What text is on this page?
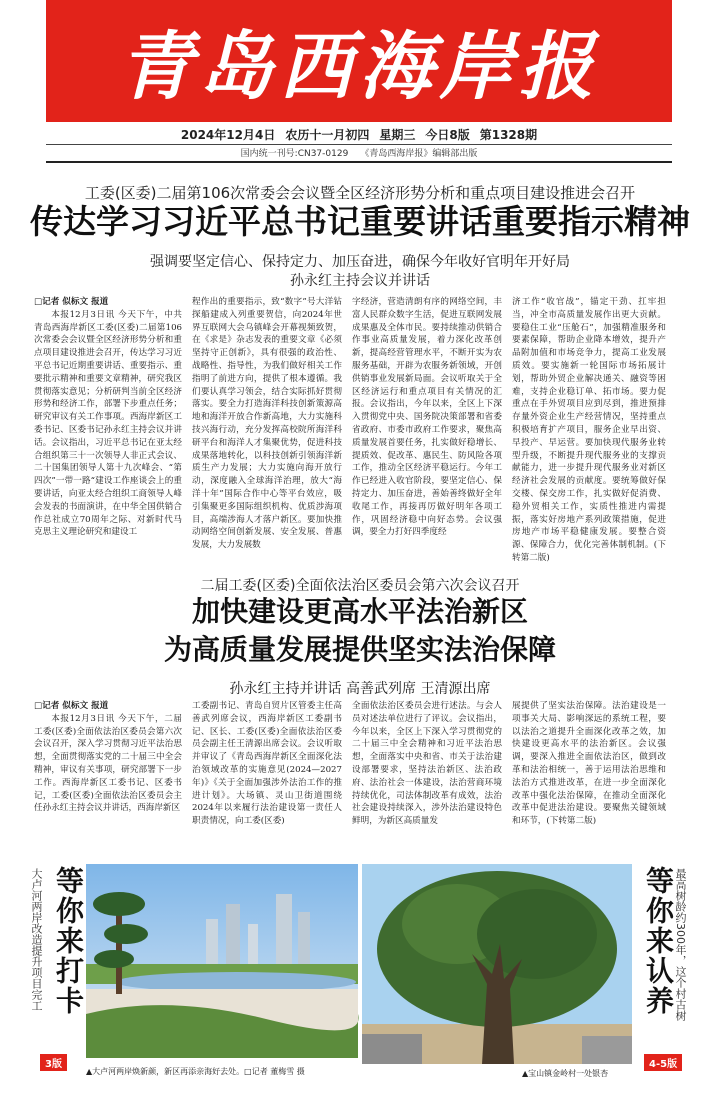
青岛西海岸报
2024年12月4日 农历十一月初四 星期三 今日8版 第1328期
国内统一刊号:CN37-0129 《青岛西海岸报》编辑部出版
工委(区委)二届第106次常委会会议暨全区经济形势分析和重点项目建设推进会召开
传达学习习近平总书记重要讲话重要指示精神
强调要坚定信心、保持定力、加压奋进，确保今年收好官明年开好局
孙永红主持会议并讲话

□记者 似标文 报道

本报12月3日讯 今天下午，中共青岛西海岸新区工委(区委)二届第106次常委会会议暨全区经济形势分析和重点项目建设推进会召开，传达学习习近平总书记近期重要讲话、重要指示、重要批示精神和重要文章精神，研究我区贯彻落实意见；分析研判当前全区经济形势和经济工作，部署下步重点任务；研究审议有关工作事项。西海岸新区工委书记、区委书记孙永红主持会议并讲话。会议指出，习近平总书记在亚太经合组织第三十一次领导人非正式会议、二十国集团领导人第十九次峰会、“第四次”一带一路“建设工作座谈会上的重要讲话，向亚太经合组织工商领导人峰会发表的书面演讲，在中华全国供销合作总社成立70周年之际、对新时代马克思主义理论研究和建设工

程作出的重要指示，致“数字”号大洋钻探船建成入列重要贺信，向2024年世界互联网大会乌镇峰会开幕视频致贺，在《求是》杂志发表的重要文章《必须坚持守正创新》，具有很强的政治性、战略性、指导性，为我们做好相关工作指明了前进方向，提供了根本遵循。我们要认真学习领会，结合实际抓好贯彻落实。要全力打造海洋科技创新策源高地和海洋开放合作新高地，大力实施科技兴海行动，充分发挥高校院所海洋科研平台和海洋人才集聚优势，促进科技成果落地转化，以科技创新引领海洋新质生产力发展；大力实施向海开放行动，深度融入全球海洋治理，放大“海洋十年”国际合作中心等平台效应，吸引集聚更多国际组织机构、优质涉海项目，高端涉海人才落户新区。要加快推动网络空间创新发展、安全发展、普惠发展，大力发展数

字经济，营造清朗有序的网络空间，丰富人民群众数字生活，促进互联网发展成果惠及全体市民。要持续推动供销合作事业高质量发展，着力深化改革创新，提高经营管理水平，不断开实为农服务基础，开辟为农服务新领域，开创供销事业发展新局面。会议听取关于全区经济运行和重点项目有关情况的汇报。会议指出，今年以来，全区上下深入贯彻党中央、国务院决策部署和省委省政府、市委市政府工作要求，聚焦高质量发展首要任务，扎实做好稳增长、提质效、促改革、惠民生、防风险各项工作，推动全区经济平稳运行。今年工作已经进入收官阶段，要坚定信心、保持定力、加压奋进，善始善终做好全年收尾工作，再接再厉做好明年各项工作，巩固经济稳中向好态势。会议强调，要全力打好四季度经

济工作“收官战”，锚定干劲、扛牢担当，冲全市高质量发展作出更大贡献。要稳住工业“压舱石”，加强精准服务和要素保障，帮助企业降本增效，提升产品附加值和市场竞争力，提高工业发展质效。要实施新一轮国际市场拓展计划，帮助外贸企业解决通关、融资等困难，支持企业稳订单、拓市场。要力促重点在手外贸项目应到尽到，推进预排存量外资企业生产经营情况，坚持重点积极培育扩产项目，服务企业早出资、早投产、早运营。要加快现代服务业转型升级，不断提升现代服务业的支撑贡献能力，进一步提升现代服务业对新区经济社会发展的贡献度。要统筹做好保交楼、保交房工作，扎实做好促消费、稳外贸相关工作，实质性推进内需提振，落实好房地产系列政策措施，促进房地产市场平稳健康发展。要整合资源、保障合力，优化完善体制机制。(下转第二版)

二届工委(区委)全面依法治区委员会第六次会议召开
加快建设更高水平法治新区
为高质量发展提供坚实法治保障
孙永红主持并讲话 高善武列席 王清源出席

□记者 似标文 报道

本报12月3日讯 今天下午，二届工委(区委)全面依法治区委员会第六次会议召开，深入学习贯彻习近平法治思想，全面贯彻落实党的二十届三中全会精神，审议有关事项，研究部署下一步工作。西海岸新区工委书记、区委书记，工委(区委)全面依法治区委员会主任孙永红主持会议并讲话，西海岸新区

工委副书记、青岛自贸片区管委主任高善武列席会议，西海岸新区工委副书记、区长、工委(区委)全面依法治区委员会副主任王清源出席会议。会议听取并审议了《青岛西海岸新区全面深化法治领域改革的实施意见(2024—2027年)》《关于全面加强涉外法治工作的推进计划》。大场镇、灵山卫街道围绕2024年以来履行法治建设第一责任人职责情况，向工委(区委)

全面依法治区委员会进行述法。与会人员对述法单位进行了评议。会议指出，今年以来，全区上下深入学习贯彻党的二十届三中全会精神和习近平法治思想，全面落实中央和省、市关于法治建设部署要求，坚持法治新区、法治政府、法治社会一体建设，法治营商环境持续优化，司法体制改革有成效，法治社会建设持续深入，涉外法治建设特色鲜明，为新区高质量发

展提供了坚实法治保障。法治建设是一项事关大局、影响深远的系统工程，要以法治之道提升全面深化改革之效，加快建设更高水平的法治新区。会议强调，要深入推进全面依法治区，做到改革和法治相统一，善于运用法治思维和法治方式推进改革，在进一步全面深化改革中强化法治保障，在推动全面深化改革中促进法治建设。要聚焦关键领域和环节，(下转第二版)

大卢河两岸改造提升项目完工 等你来打卡
3版
▲大卢河两岸焕新颜，新区再添亲海好去处。□记者 董梅雪 摄	▲宝山镇金岭村一处银杏
最高树龄约300年，这个村古树
等你来认养
4-5版
